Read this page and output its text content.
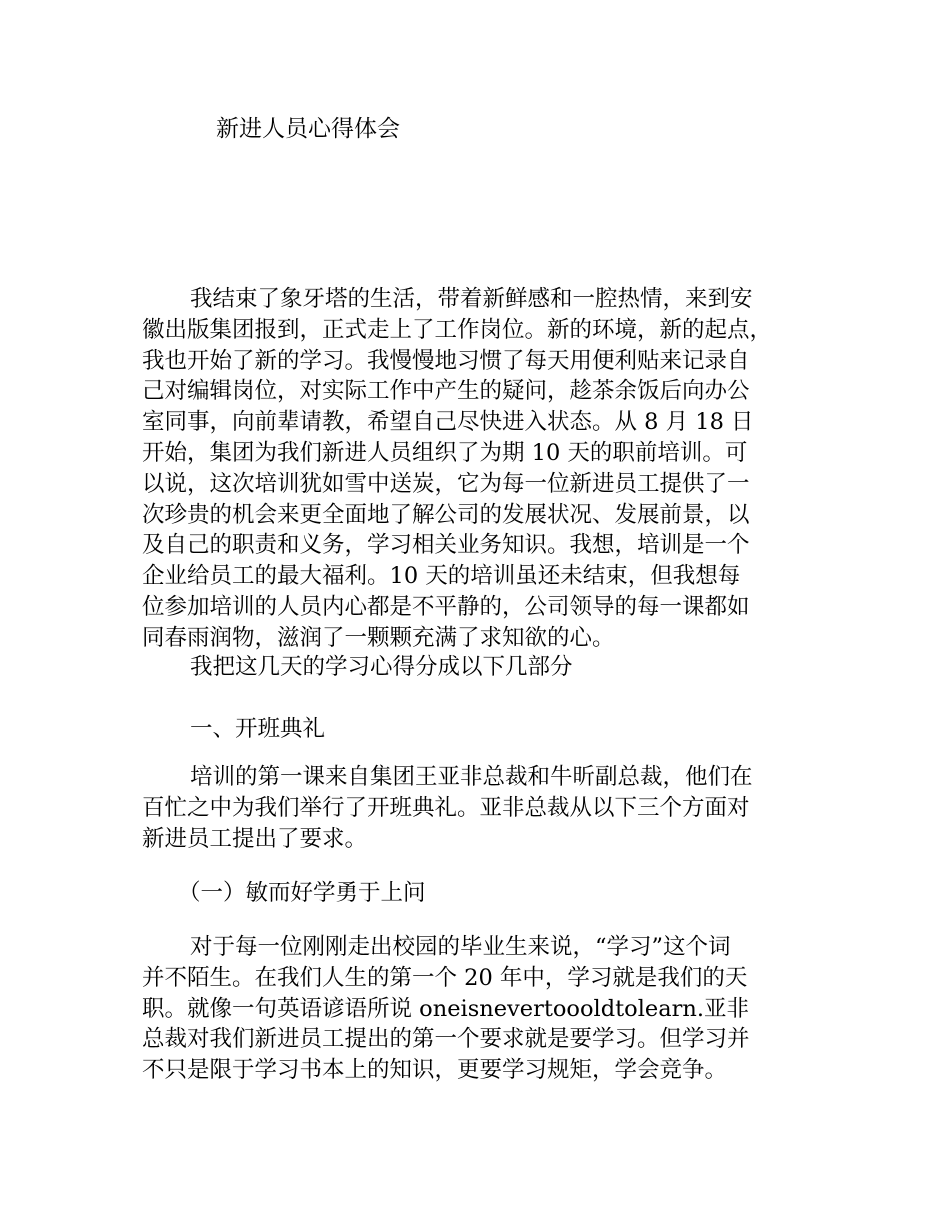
新进人员心得体会

我结束了象牙塔的生活，带着新鲜感和一腔热情，来到安
徽出版集团报到，正式走上了工作岗位。新的环境，新的起点，
我也开始了新的学习。我慢慢地习惯了每天用便利贴来记录自
己对编辑岗位，对实际工作中产生的疑问，趁茶余饭后向办公
室同事，向前辈请教，希望自己尽快进入状态。从 8 月 18 日
开始，集团为我们新进人员组织了为期 10 天的职前培训。可
以说，这次培训犹如雪中送炭，它为每一位新进员工提供了一
次珍贵的机会来更全面地了解公司的发展状况、发展前景，以
及自己的职责和义务，学习相关业务知识。我想，培训是一个
企业给员工的最大福利。10 天的培训虽还未结束，但我想每
位参加培训的人员内心都是不平静的，公司领导的每一课都如
同春雨润物，滋润了一颗颗充满了求知欲的心。

我把这几天的学习心得分成以下几部分

一、开班典礼

培训的第一课来自集团王亚非总裁和牛昕副总裁，他们在
百忙之中为我们举行了开班典礼。亚非总裁从以下三个方面对
新进员工提出了要求。

（一）敏而好学勇于上问

对于每一位刚刚走出校园的毕业生来说，“学习”这个词
并不陌生。在我们人生的第一个 20 年中，学习就是我们的天
职。就像一句英语谚语所说 oneisnevertoooldtolearn.亚非
总裁对我们新进员工提出的第一个要求就是要学习。但学习并
不只是限于学习书本上的知识，更要学习规矩，学会竞争。
